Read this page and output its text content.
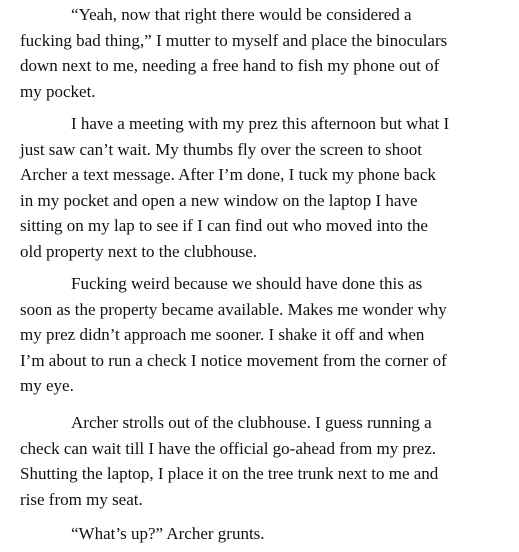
“Yeah, now that right there would be considered a
fucking bad thing,” I mutter to myself and place the binoculars
down next to me, needing a free hand to fish my phone out of
my pocket.

I have a meeting with my prez this afternoon but what I
just saw can’t wait. My thumbs fly over the screen to shoot
Archer a text message. After I’m done, I tuck my phone back
in my pocket and open a new window on the laptop I have
sitting on my lap to see if I can find out who moved into the
old property next to the clubhouse.

Fucking weird because we should have done this as
soon as the property became available. Makes me wonder why
my prez didn’t approach me sooner. I shake it off and when
I’m about to run a check I notice movement from the corner of
my eye.

Archer strolls out of the clubhouse. I guess running a
check can wait till I have the official go-ahead from my prez.
Shutting the laptop, I place it on the tree trunk next to me and
rise from my seat.

“What’s up?” Archer grunts.
